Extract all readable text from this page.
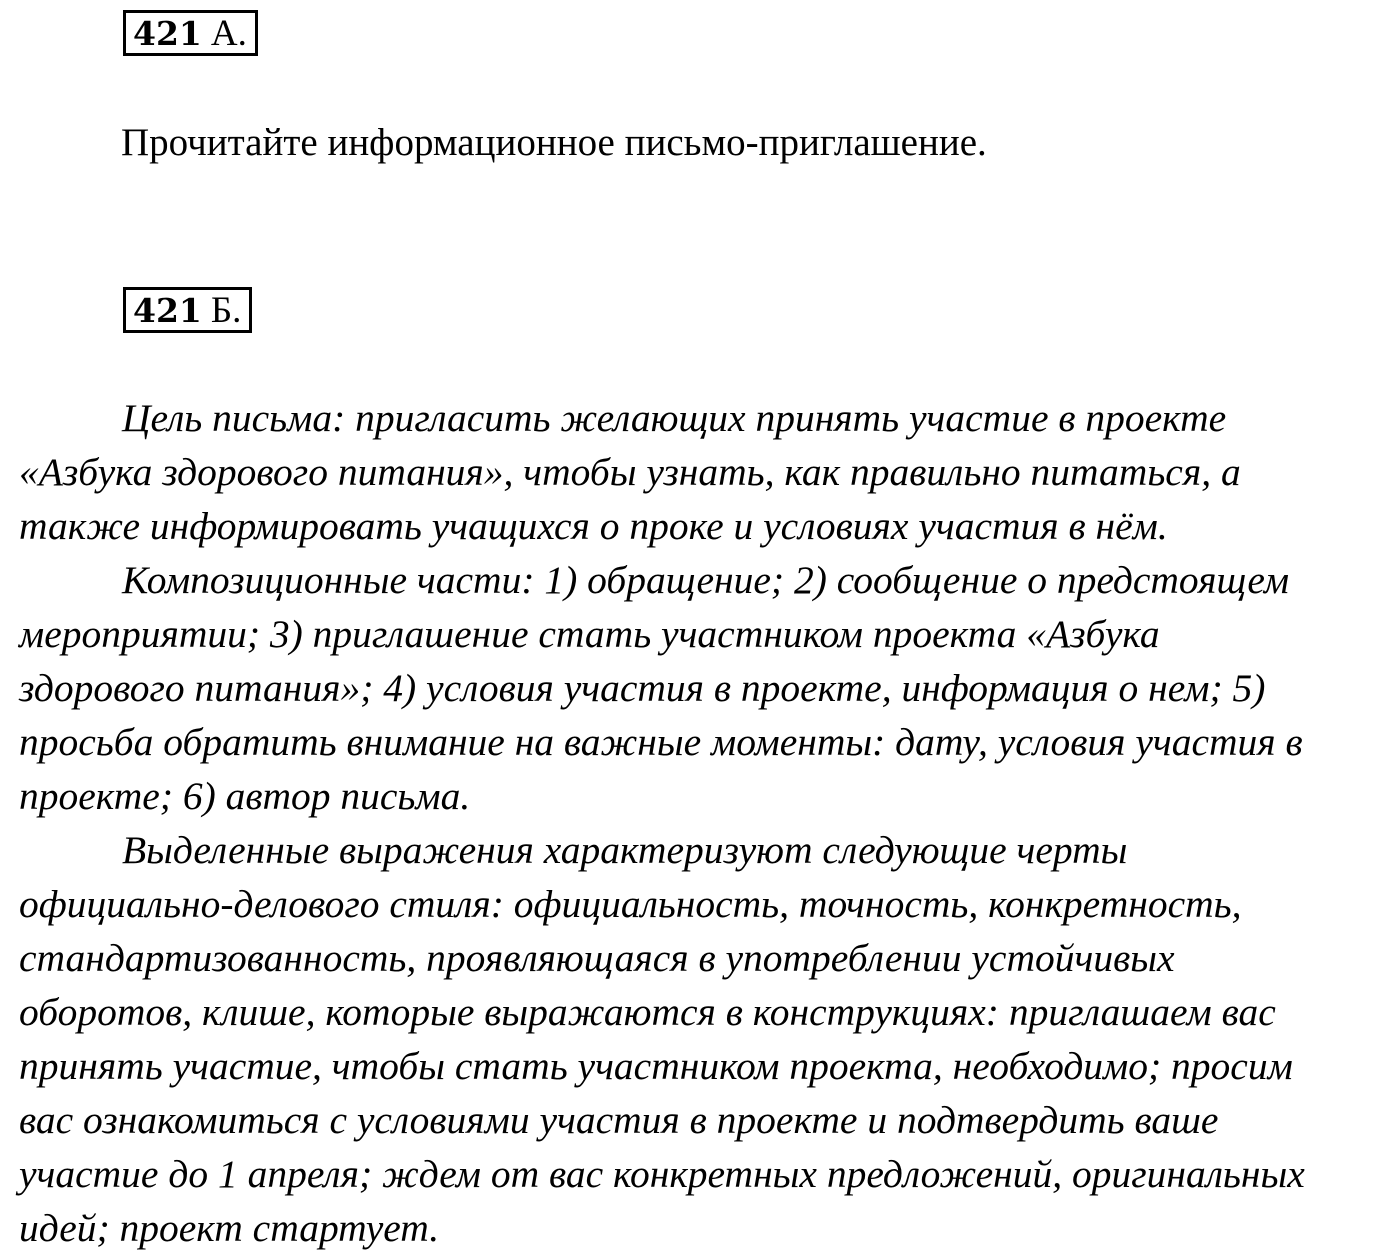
421 А.
Прочитайте информационное письмо-приглашение.
421 Б.

Цель письма: пригласить желающих принять участие в проекте
«Азбука здорового питания», чтобы узнать, как правильно питаться, а
также информировать учащихся о проке и условиях участия в нём.

Композиционные части: 1) обращение; 2) сообщение о предстоящем
мероприятии; 3) приглашение стать участником проекта «Азбука
здорового питания»; 4) условия участия в проекте, информация о нем; 5)
просьба обратить внимание на важные моменты: дату, условия участия в
проекте; 6) автор письма.

Выделенные выражения характеризуют следующие черты
официально-делового стиля: официальность, точность, конкретность,
стандартизованность, проявляющаяся в употреблении устойчивых
оборотов, клише, которые выражаются в конструкциях: приглашаем вас
принять участие, чтобы стать участником проекта, необходимо; просим
вас ознакомиться с условиями участия в проекте и подтвердить ваше
участие до 1 апреля; ждем от вас конкретных предложений, оригинальных
идей; проект стартует.
